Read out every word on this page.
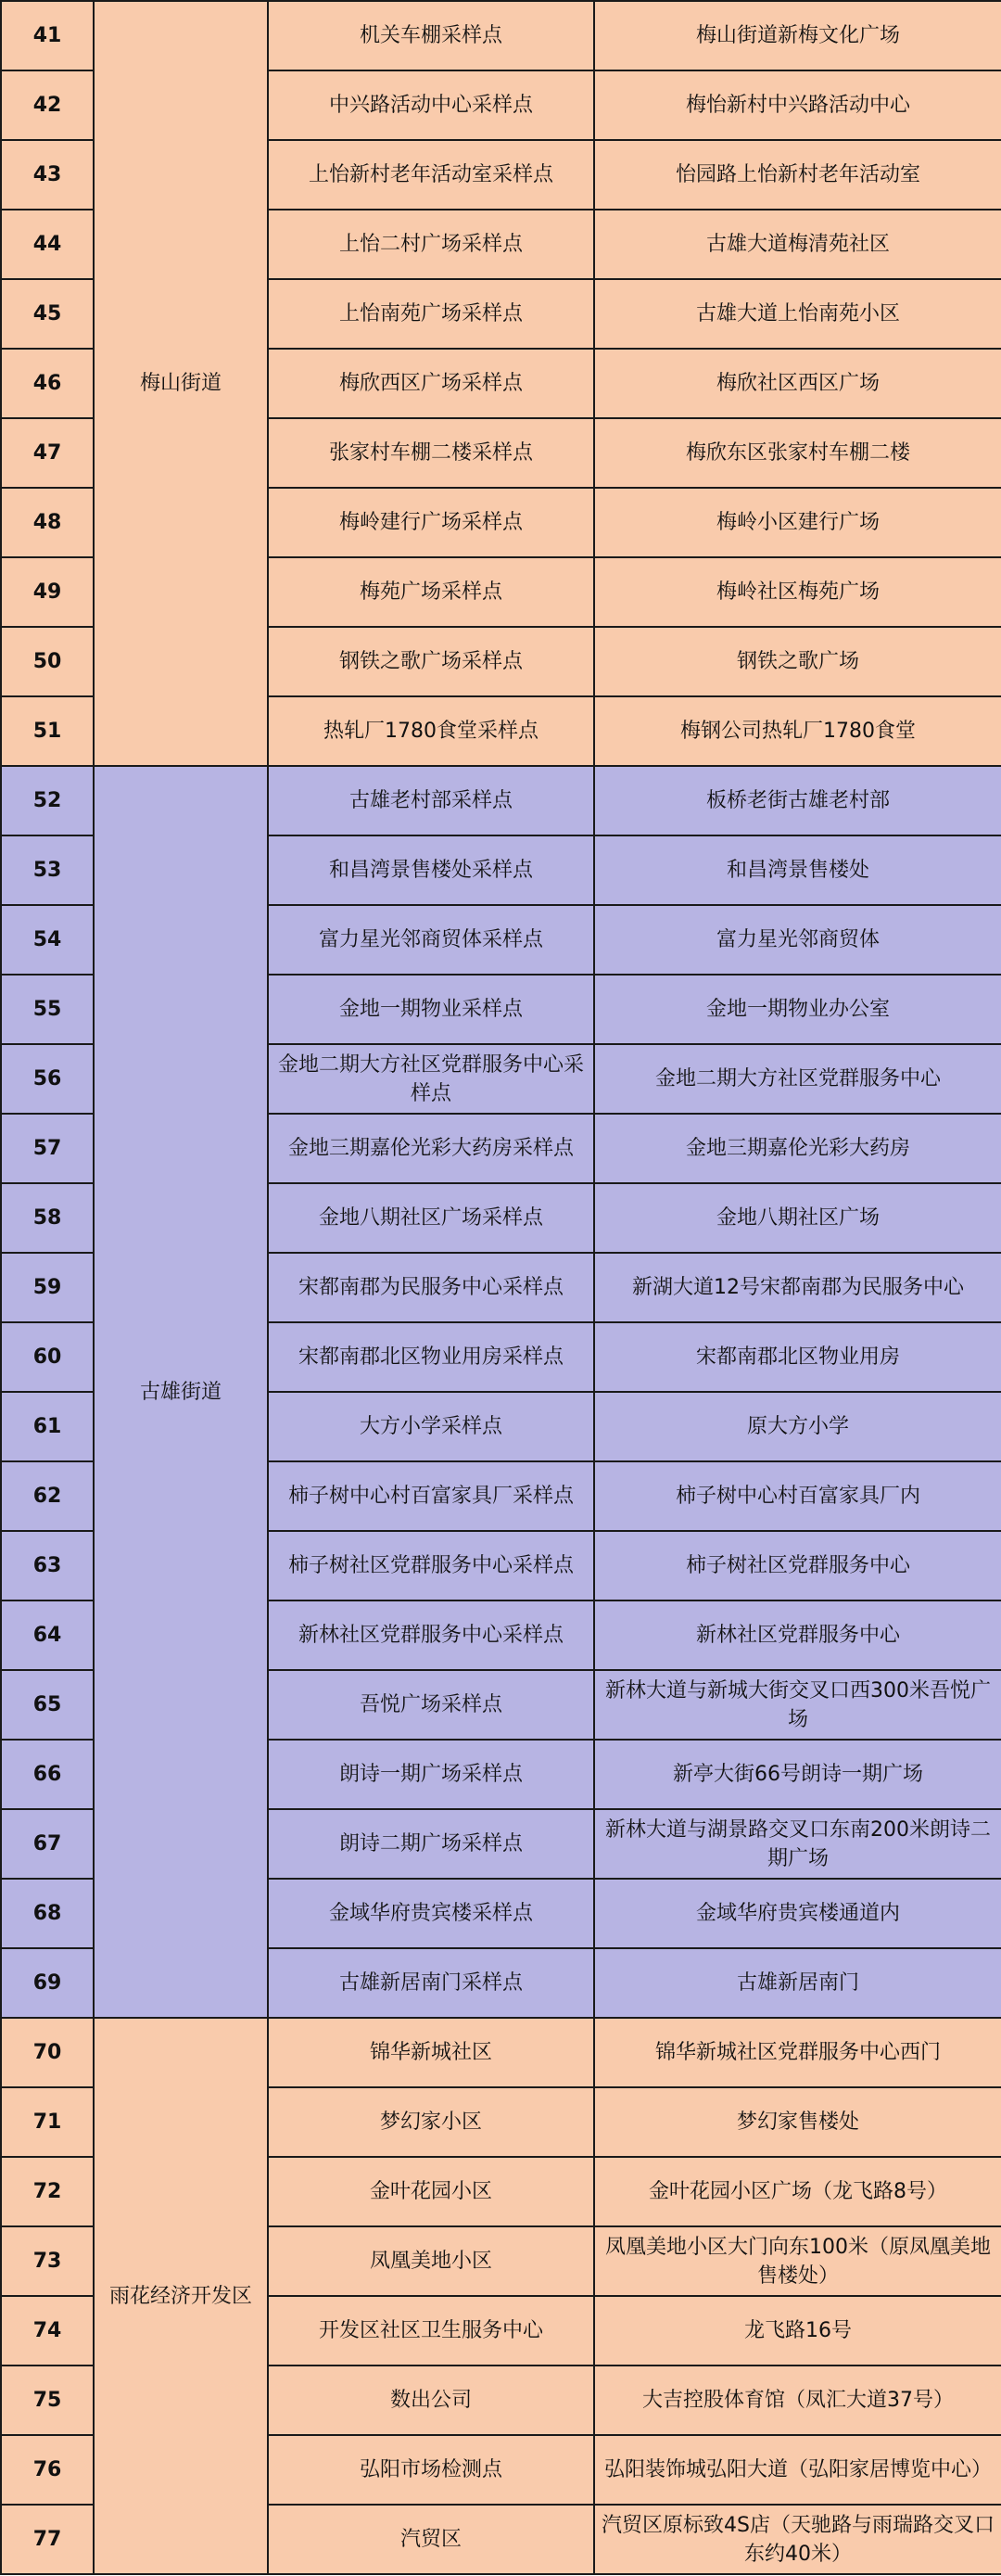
41	梅山街道	机关车棚采样点	梅山街道新梅文化广场
42		中兴路活动中心采样点	梅怡新村中兴路活动中心
43		上怡新村老年活动室采样点	怡园路上怡新村老年活动室
44		上怡二村广场采样点	古雄大道梅清苑社区
45		上怡南苑广场采样点	古雄大道上怡南苑小区
46		梅欣西区广场采样点	梅欣社区西区广场
47		张家村车棚二楼采样点	梅欣东区张家村车棚二楼
48		梅岭建行广场采样点	梅岭小区建行广场
49		梅苑广场采样点	梅岭社区梅苑广场
50		钢铁之歌广场采样点	钢铁之歌广场
51		热轧厂1780食堂采样点	梅钢公司热轧厂1780食堂
52	古雄街道	古雄老村部采样点	板桥老街古雄老村部
53		和昌湾景售楼处采样点	和昌湾景售楼处
54		富力星光邻商贸体采样点	富力星光邻商贸体
55		金地一期物业采样点	金地一期物业办公室
56		金地二期大方社区党群服务中心采样点	金地二期大方社区党群服务中心
57		金地三期嘉伦光彩大药房采样点	金地三期嘉伦光彩大药房
58		金地八期社区广场采样点	金地八期社区广场
59		宋都南郡为民服务中心采样点	新湖大道12号宋都南郡为民服务中心
60		宋都南郡北区物业用房采样点	宋都南郡北区物业用房
61		大方小学采样点	原大方小学
62		柿子树中心村百富家具厂采样点	柿子树中心村百富家具厂内
63		柿子树社区党群服务中心采样点	柿子树社区党群服务中心
64		新林社区党群服务中心采样点	新林社区党群服务中心
65		吾悦广场采样点	新林大道与新城大街交叉口西300米吾悦广场
66		朗诗一期广场采样点	新亭大街66号朗诗一期广场
67		朗诗二期广场采样点	新林大道与湖景路交叉口东南200米朗诗二期广场
68		金域华府贵宾楼采样点	金域华府贵宾楼通道内
69		古雄新居南门采样点	古雄新居南门
70	雨花经济开发区	锦华新城社区	锦华新城社区党群服务中心西门
71		梦幻家小区	梦幻家售楼处
72		金叶花园小区	金叶花园小区广场（龙飞路8号）
73		凤凰美地小区	凤凰美地小区大门向东100米（原凤凰美地售楼处）
74		开发区社区卫生服务中心	龙飞路16号
75		数出公司	大吉控股体育馆（凤汇大道37号）
76		弘阳市场检测点	弘阳装饰城弘阳大道（弘阳家居博览中心）
77		汽贸区	汽贸区原标致4S店（天驰路与雨瑞路交叉口东约40米）
